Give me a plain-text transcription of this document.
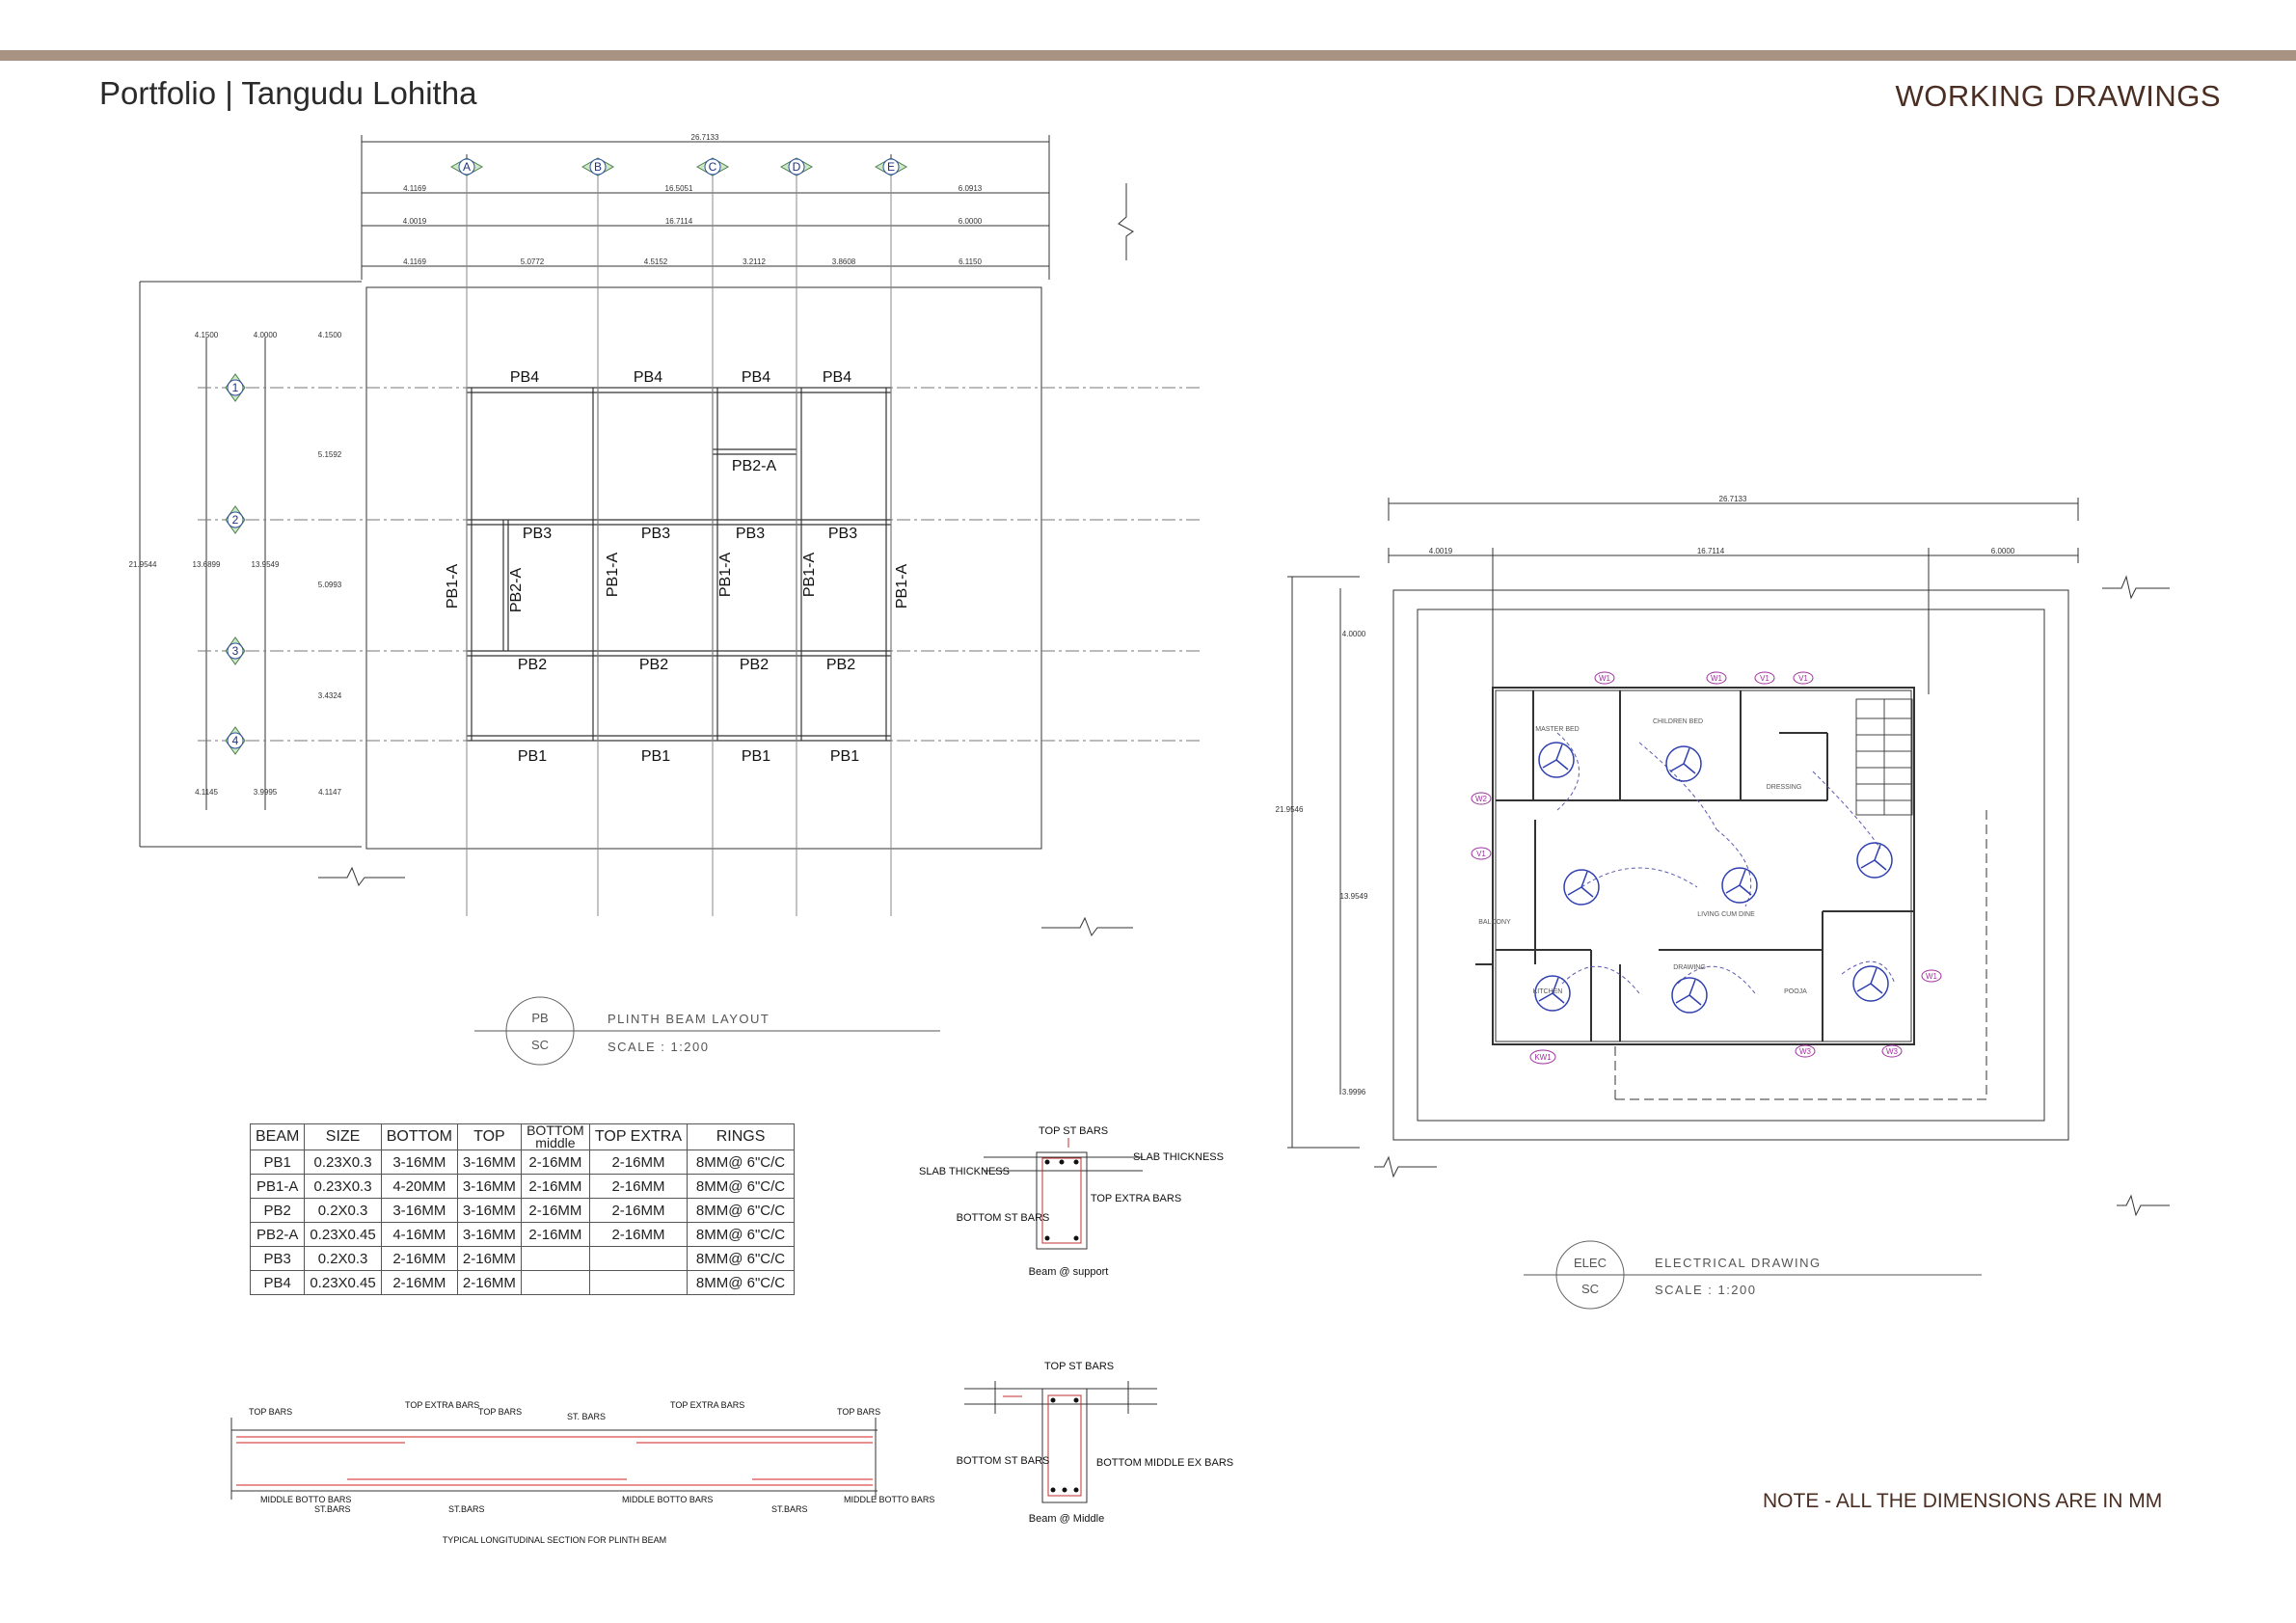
Portfolio | Tangudu Lohitha	WORKING DRAWINGS
A	B	C	D	E
1
2
3
4
26.7133
4.1169	16.5051	6.0913
4.0019	16.7114	6.0000
4.1169	5.0772	4.5152	3.2112	3.8608	6.1150
21.9544	13.6899	13.9549
4.1500	4.0000	4.1500
5.1592
5.0993
3.4324
4.1145	3.9995	4.1147
PB4	PB4	PB4	PB4
PB2-A
PB3	PB3	PB3	PB3
PB2	PB2	PB2	PB2
PB1	PB1	PB1	PB1
PB1-A	PB2-A	PB1-A	PB1-A	PB1-A	PB1-A
PB
SC
PLINTH BEAM LAYOUT
SCALE : 1:200
MASTER BED
CHILDREN BED
DRESSING
LIVING CUM DINE
BALCONY
KITCHEN
DRAWING
POOJA
W1	W1	V1	V1
W2
V1
W1
KW1
W3	W3
26.7133
4.0019	16.7114	6.0000
21.9546
4.0000
13.9549
3.9996
ELEC
SC
ELECTRICAL DRAWING
SCALE : 1:200
TOP ST BARS
SLAB THICKNESS
SLAB THICKNESS
TOP EXTRA BARS
BOTTOM ST BARS
Beam @ support
TOP ST BARS
BOTTOM ST BARS	BOTTOM MIDDLE EX BARS
Beam @ Middle
TOP BARS
TOP EXTRA BARS
TOP BARS	ST. BARS
TOP EXTRA BARS
TOP BARS
MIDDLE BOTTO BARS
ST.BARS	ST.BARS
MIDDLE BOTTO BARS
ST.BARS
MIDDLE BOTTO BARS
TYPICAL LONGITUDINAL SECTION FOR PLINTH BEAM
BEAM	SIZE	BOTTOM	TOP	BOTTOM middle	TOP EXTRA	RINGS
PB1	0.23X0.3	3-16MM	3-16MM	2-16MM	2-16MM	8MM@ 6"C/C
PB1-A	0.23X0.3	4-20MM	3-16MM	2-16MM	2-16MM	8MM@ 6"C/C
PB2	0.2X0.3	3-16MM	3-16MM	2-16MM	2-16MM	8MM@ 6"C/C
PB2-A	0.23X0.45	4-16MM	3-16MM	2-16MM	2-16MM	8MM@ 6"C/C
PB3	0.2X0.3	2-16MM	2-16MM			8MM@ 6"C/C
PB4	0.23X0.45	2-16MM	2-16MM			8MM@ 6"C/C
NOTE - ALL THE DIMENSIONS ARE IN MM
